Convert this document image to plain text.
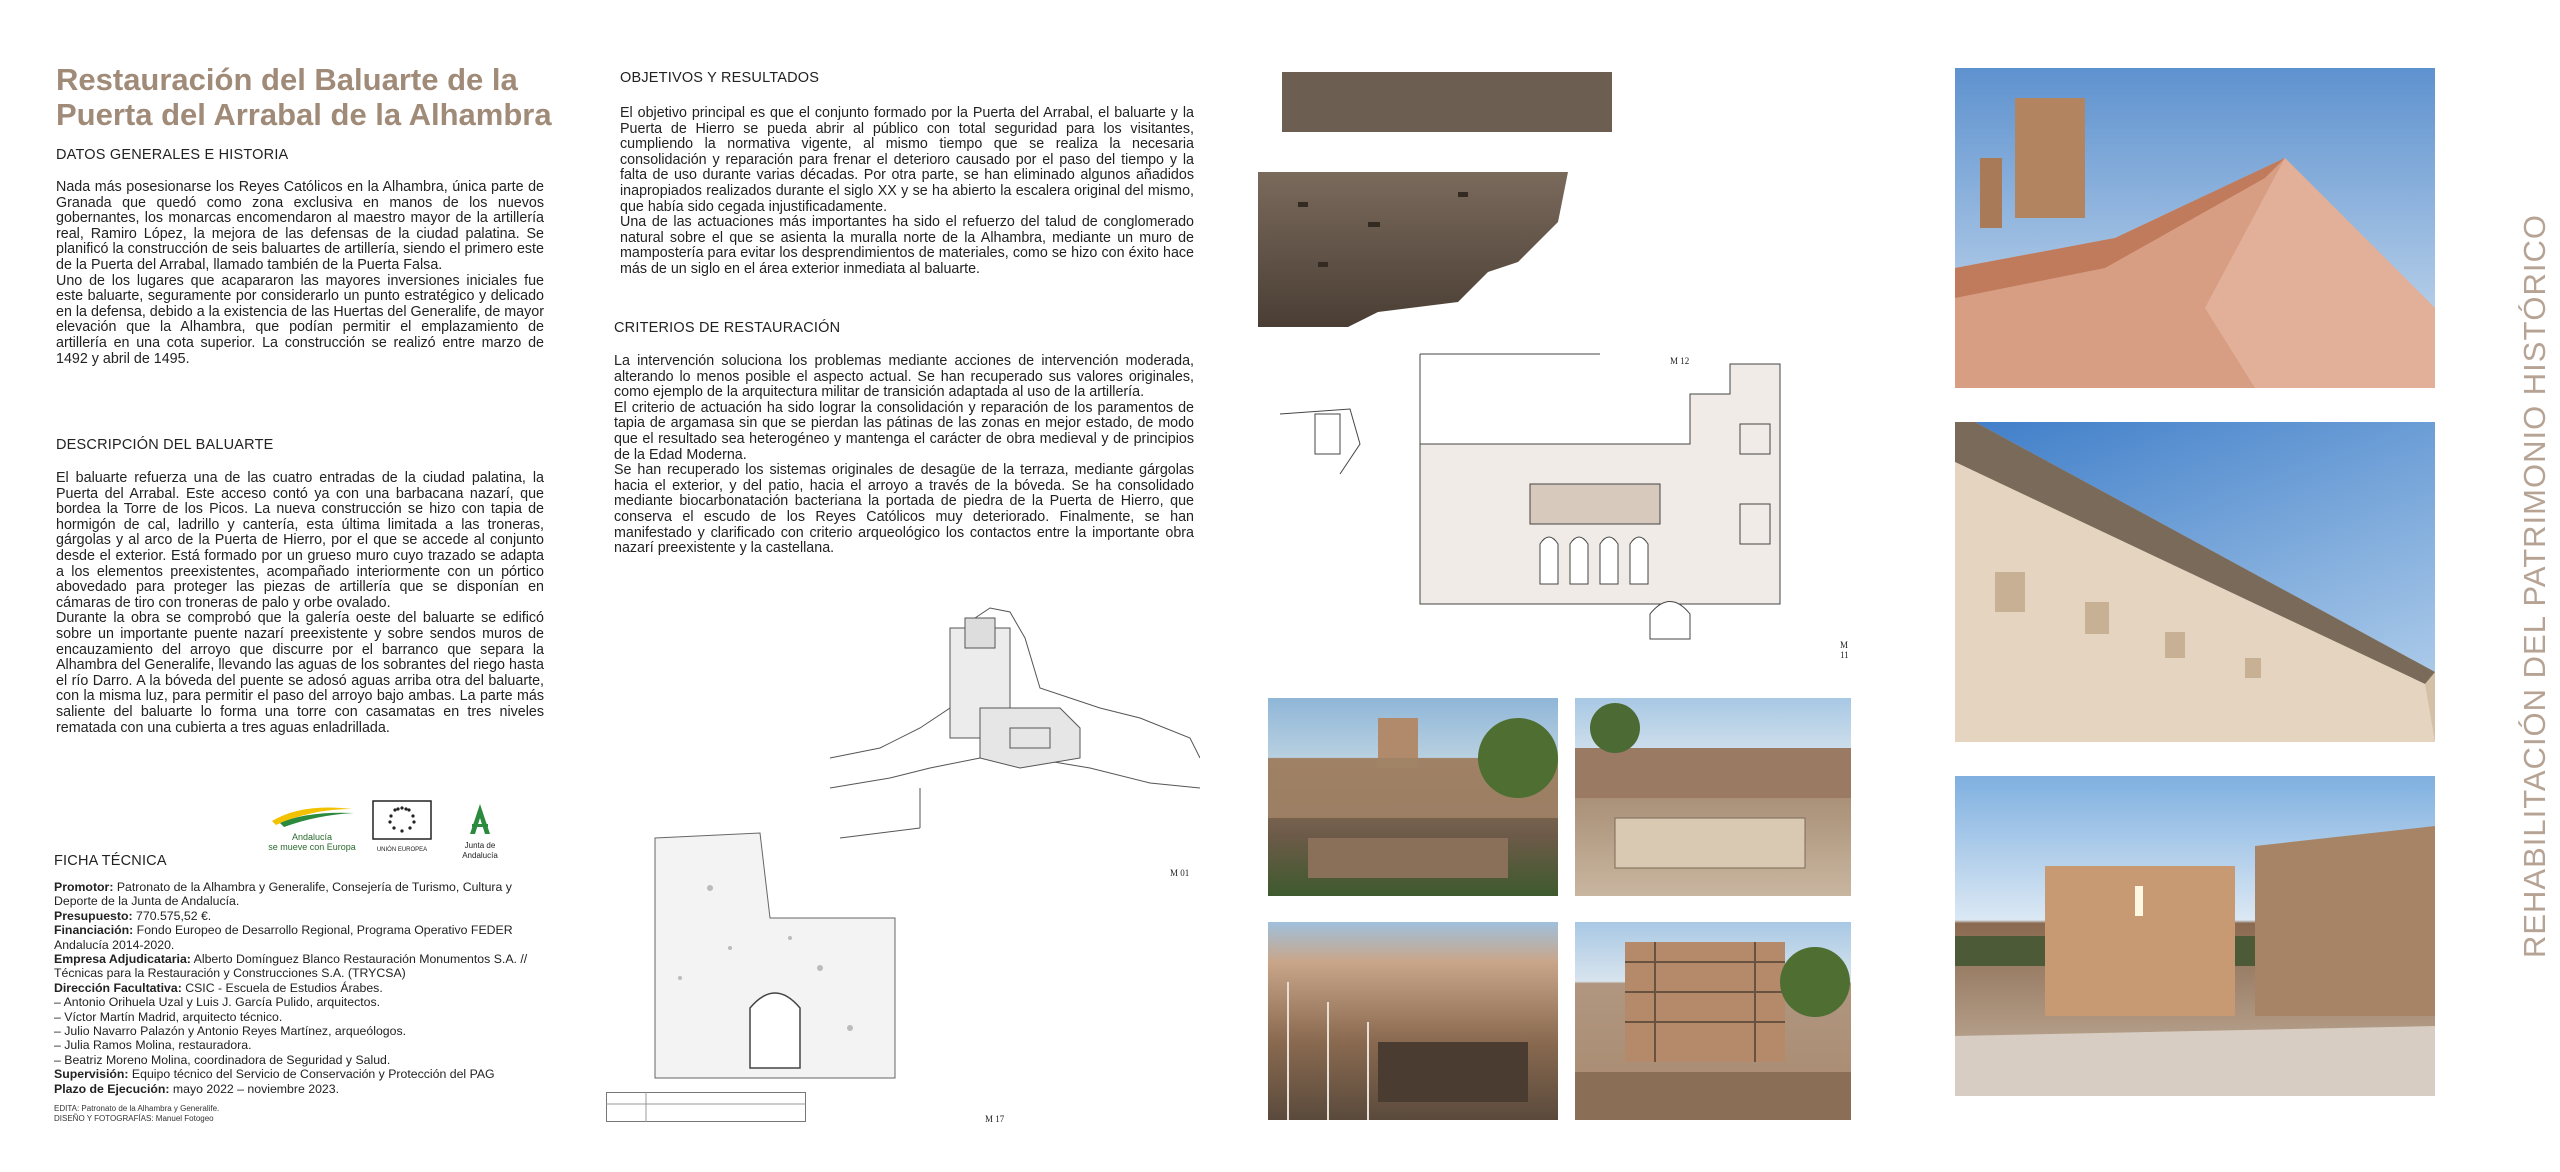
Restauración del Baluarte de la Puerta del Arrabal de la Alhambra
DATOS GENERALES E HISTORIA

Nada más posesionarse los Reyes Católicos en la Alhambra, única parte de Granada que quedó como zona exclusiva en manos de los nuevos gobernantes, los monarcas encomendaron al maestro mayor de la artillería real, Ramiro López, la mejora de las defensas de la ciudad palatina. Se planificó la construcción de seis baluartes de artillería, siendo el primero este de la Puerta del Arrabal, llamado también de la Puerta Falsa.

Uno de los lugares que acapararon las mayores inversiones iniciales fue este baluarte, seguramente por considerarlo un punto estratégico y delicado en la defensa, debido a la existencia de las Huertas del Generalife, de mayor elevación que la Alhambra, que podían permitir el emplazamiento de artillería en una cota superior. La construcción se realizó entre marzo de 1492 y abril de 1495.

DESCRIPCIÓN DEL BALUARTE

El baluarte refuerza una de las cuatro entradas de la ciudad palatina, la Puerta del Arrabal. Este acceso contó ya con una barbacana nazarí, que bordea la Torre de los Picos. La nueva construcción se hizo con tapia de hormigón de cal, ladrillo y cantería, esta última limitada a las troneras, gárgolas y al arco de la Puerta de Hierro, por el que se accede al conjunto desde el exterior. Está formado por un grueso muro cuyo trazado se adapta a los elementos preexistentes, acompañado interiormente con un pórtico abovedado para proteger las piezas de artillería que se disponían en cámaras de tiro con troneras de palo y orbe ovalado.

Durante la obra se comprobó que la galería oeste del baluarte se edificó sobre un importante puente nazarí preexistente y sobre sendos muros de encauzamiento del arroyo que discurre por el barranco que separa la Alhambra del Generalife, llevando las aguas de los sobrantes del riego hasta el río Darro. A la bóveda del puente se adosó aguas arriba otra del baluarte, con la misma luz, para permitir el paso del arroyo bajo ambas. La parte más saliente del baluarte lo forma una torre con casamatas en tres niveles rematada con una cubierta a tres aguas enladrillada.

Andalucía
se mueve con Europa	UNIÓN EUROPEA	Junta de Andalucía
FICHA TÉCNICA
Promotor: Patronato de la Alhambra y Generalife, Consejería de Turismo, Cultura y Deporte de la Junta de Andalucía.
Presupuesto: 770.575,52 €.
Financiación: Fondo Europeo de Desarrollo Regional, Programa Operativo FEDER Andalucía 2014-2020.
Empresa Adjudicataria: Alberto Domínguez Blanco Restauración Monumentos S.A. // Técnicas para la Restauración y Construcciones S.A. (TRYCSA)
Dirección Facultativa: CSIC - Escuela de Estudios Árabes.
– Antonio Orihuela Uzal y Luis J. García Pulido, arquitectos.
– Víctor Martín Madrid, arquitecto técnico.
– Julio Navarro Palazón y Antonio Reyes Martínez, arqueólogos.
– Julia Ramos Molina, restauradora.
– Beatriz Moreno Molina, coordinadora de Seguridad y Salud.
Supervisión: Equipo técnico del Servicio de Conservación y Protección del PAG
Plazo de Ejecución: mayo 2022 – noviembre 2023.
EDITA: Patronato de la Alhambra y Generalife.
DISEÑO Y FOTOGRAFÍAS: Manuel Fotogeo
OBJETIVOS Y RESULTADOS

El objetivo principal es que el conjunto formado por la Puerta del Arrabal, el baluarte y la Puerta de Hierro se pueda abrir al público con total seguridad para los visitantes, cumpliendo la normativa vigente, al mismo tiempo que se realiza la necesaria consolidación y reparación para frenar el deterioro causado por el paso del tiempo y la falta de uso durante varias décadas. Por otra parte, se han eliminado algunos añadidos inapropiados realizados durante el siglo XX y se ha abierto la escalera original del mismo, que había sido cegada injustificadamente.

Una de las actuaciones más importantes ha sido el refuerzo del talud de conglomerado natural sobre el que se asienta la muralla norte de la Alhambra, mediante un muro de mampostería para evitar los desprendimientos de materiales, como se hizo con éxito hace más de un siglo en el área exterior inmediata al baluarte.

CRITERIOS DE RESTAURACIÓN

La intervención soluciona los problemas mediante acciones de intervención moderada, alterando lo menos posible el aspecto actual. Se han recuperado sus valores originales, como ejemplo de la arquitectura militar de transición adaptada al uso de la artillería.

El criterio de actuación ha sido lograr la consolidación y reparación de los paramentos de tapia de argamasa sin que se pierdan las pátinas de las zonas en mejor estado, de modo que el resultado sea heterogéneo y mantenga el carácter de obra medieval y de principios de la Edad Moderna.

Se han recuperado los sistemas originales de desagüe de la terraza, mediante gárgolas hacia el exterior, y del patio, hacia el arroyo a través de la bóveda. Se ha consolidado mediante biocarbonatación bacteriana la portada de piedra de la Puerta de Hierro, que conserva el escudo de los Reyes Católicos muy deteriorado. Finalmente, se han manifestado y clarificado con criterio arqueológico los contactos entre la importante obra nazarí preexistente y la castellana.

M 01
M 17
M 12
M 11	REHABILITACIÓN DEL PATRIMONIO HISTÓRICO
